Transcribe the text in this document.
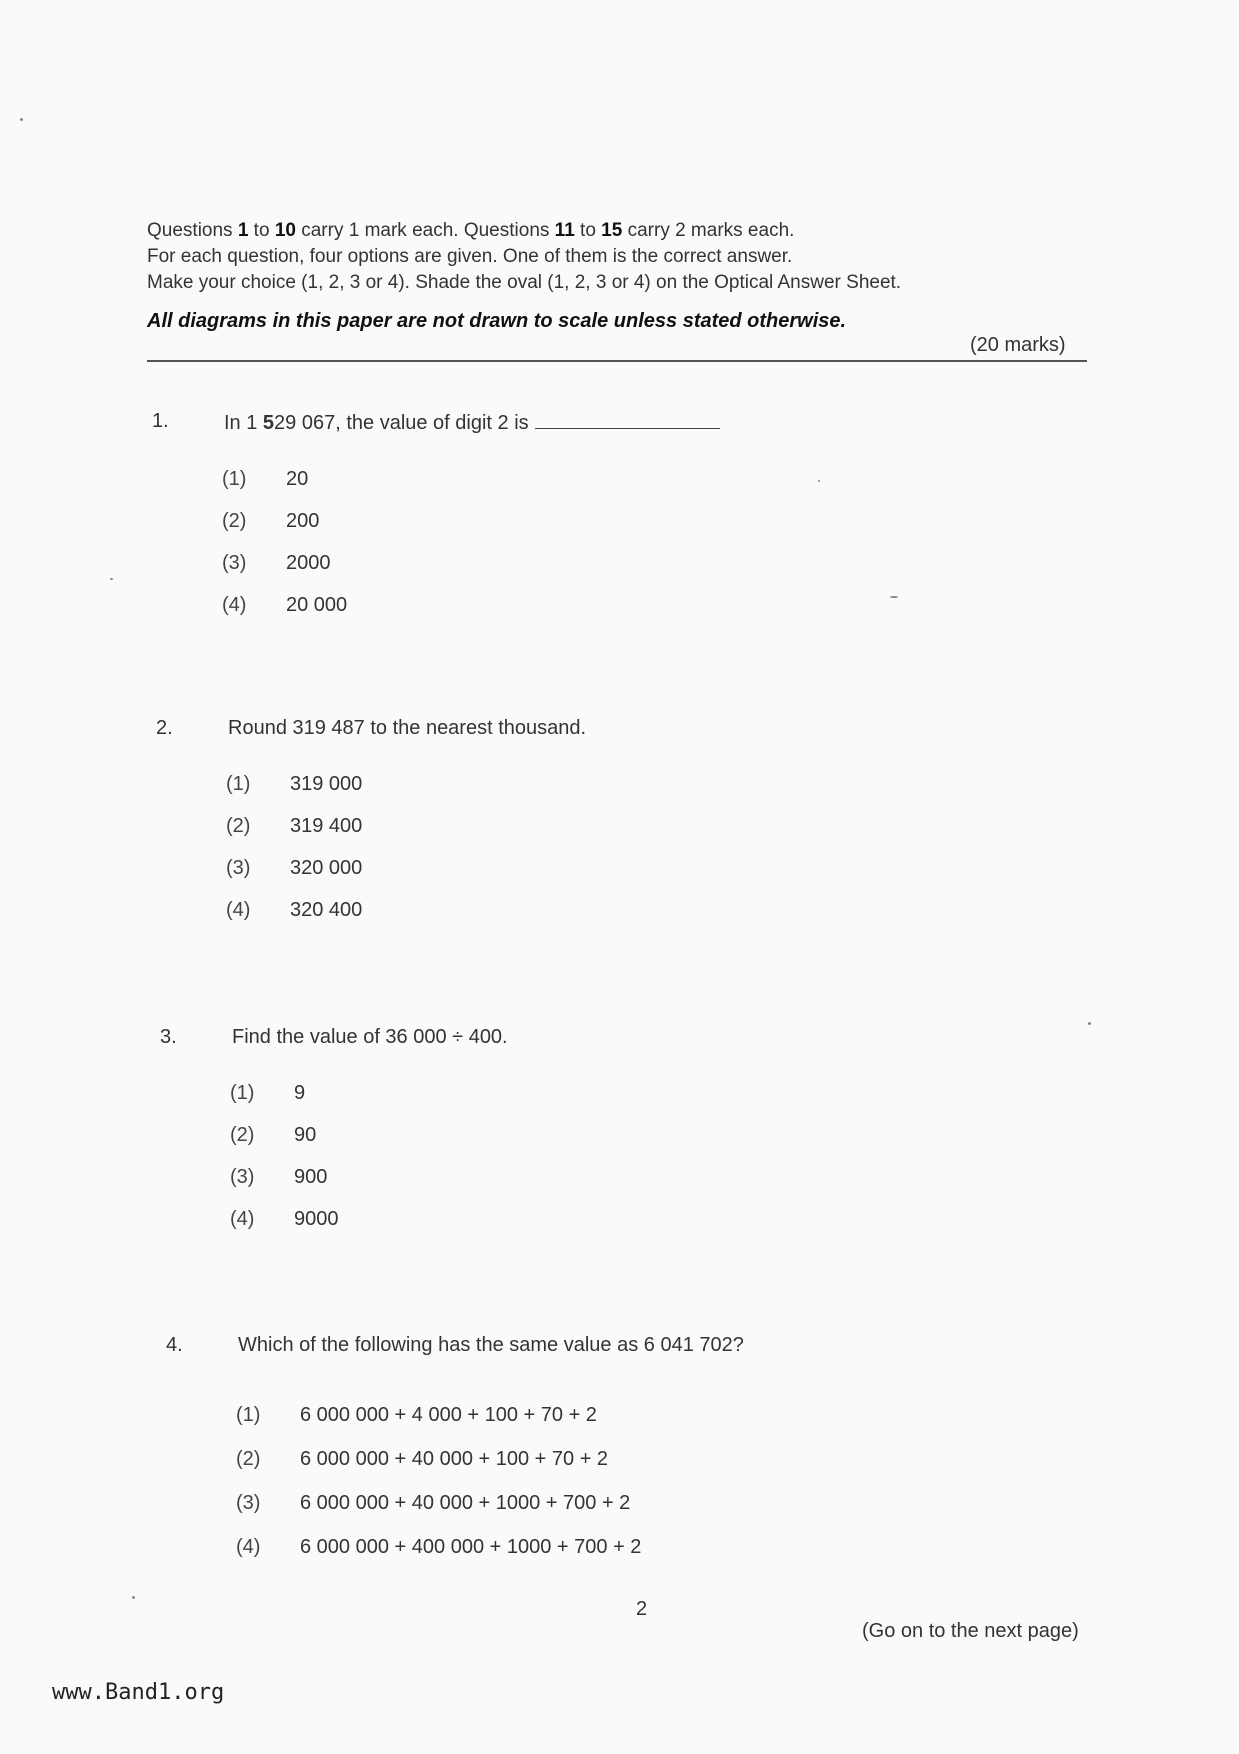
Questions 1 to 10 carry 1 mark each. Questions 11 to 15 carry 2 marks each.

For each question, four options are given. One of them is the correct answer.

Make your choice (1, 2, 3 or 4). Shade the oval (1, 2, 3 or 4) on the Optical Answer Sheet.

All diagrams in this paper are not drawn to scale unless stated otherwise.
(20 marks)
1.	In 1 529 067, the value of digit 2 is
(1) 20
(2) 200
(3) 2000
(4) 20 000
2.	Round 319 487 to the nearest thousand.
(1) 319 000
(2) 319 400
(3) 320 000
(4) 320 400
3.	Find the value of 36 000 ÷ 400.
(1) 9
(2) 90
(3) 900
(4) 9000
4.	Which of the following has the same value as 6 041 702?
(1) 6 000 000 + 4 000 + 100 + 70 + 2
(2) 6 000 000 + 40 000 + 100 + 70 + 2
(3) 6 000 000 + 40 000 + 1000 + 700 + 2
(4) 6 000 000 + 400 000 + 1000 + 700 + 2
2
(Go on to the next page)
www.Band1.org
